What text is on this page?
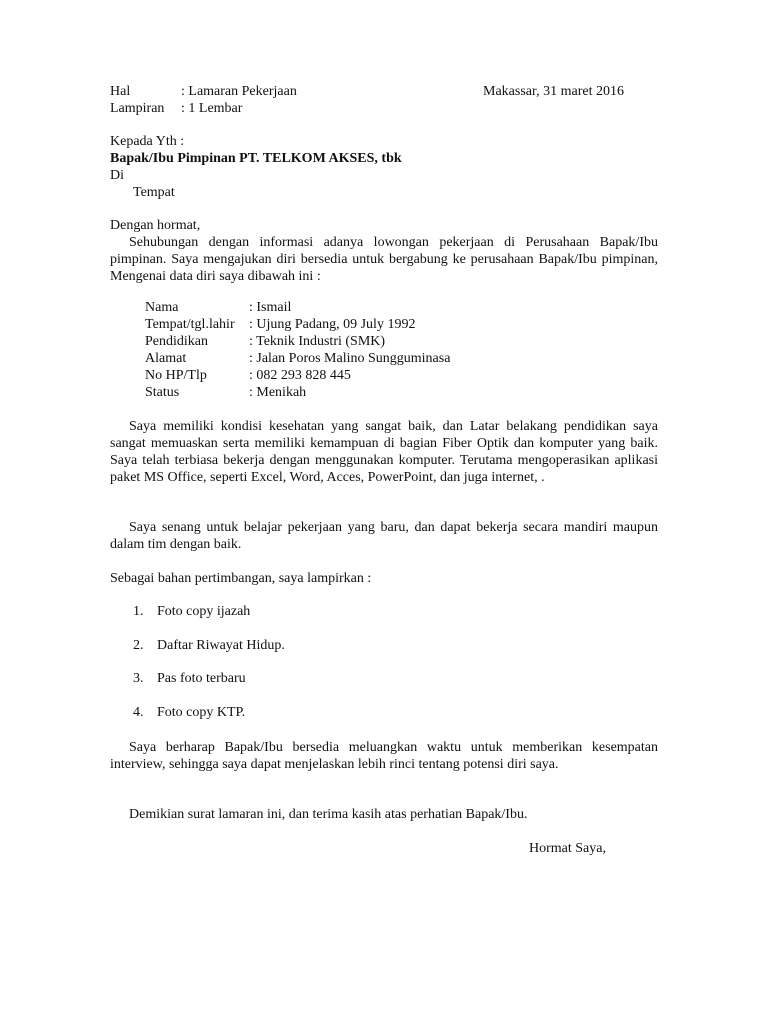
Hal	: Lamaran Pekerjaan	Makassar, 31 maret 2016
Lampiran : 1 Lembar
Kepada Yth :
Bapak/Ibu Pimpinan PT. TELKOM AKSES, tbk
Di
Tempat
Dengan hormat,
Sehubungan dengan informasi adanya lowongan pekerjaan di Perusahaan Bapak/Ibu pimpinan. Saya mengajukan diri bersedia untuk bergabung ke perusahaan Bapak/Ibu pimpinan, Mengenai data diri saya dibawah ini :
Nama	: Ismail
Tempat/tgl.lahir : Ujung Padang, 09 July 1992
Pendidikan	: Teknik Industri (SMK)
Alamat	: Jalan Poros Malino Sungguminasa
No HP/Tlp	: 082 293 828 445
Status	: Menikah
Saya memiliki kondisi kesehatan yang sangat baik, dan Latar belakang pendidikan saya sangat memuaskan serta memiliki kemampuan di bagian Fiber Optik dan komputer yang baik. Saya telah terbiasa bekerja dengan menggunakan komputer. Terutama mengoperasikan aplikasi paket MS Office, seperti Excel, Word, Acces, PowerPoint, dan juga internet, .
Saya senang untuk belajar pekerjaan yang baru, dan dapat bekerja secara mandiri maupun dalam tim dengan baik.
Sebagai bahan pertimbangan, saya lampirkan :
1. Foto copy ijazah
2. Daftar Riwayat Hidup.
3. Pas foto terbaru
4. Foto copy KTP.
Saya berharap Bapak/Ibu bersedia meluangkan waktu untuk memberikan kesempatan interview, sehingga saya dapat menjelaskan lebih rinci tentang potensi diri saya.
Demikian surat lamaran ini, dan terima kasih atas perhatian Bapak/Ibu.
Hormat Saya,
